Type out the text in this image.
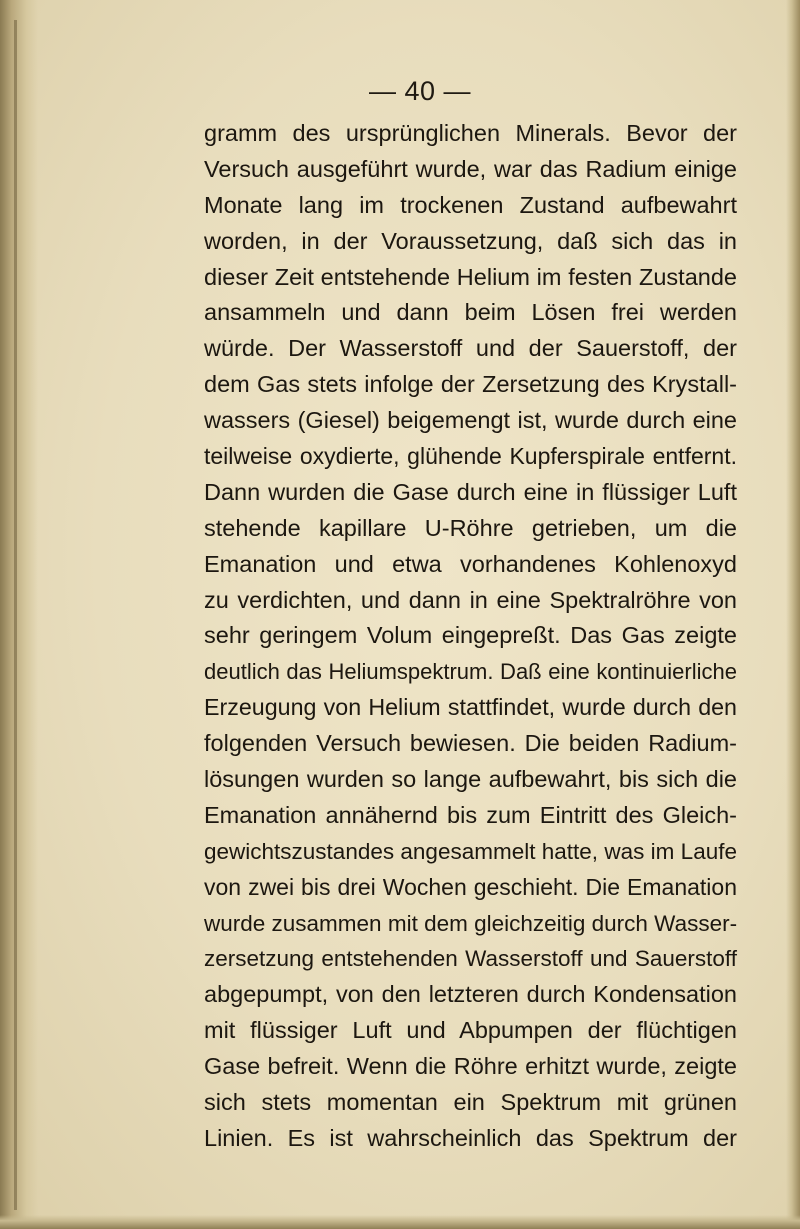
— 40 —
gramm des ursprünglichen Minerals. Bevor der
Versuch ausgeführt wurde, war das Radium einige
Monate lang im trockenen Zustand aufbewahrt
worden, in der Voraussetzung, daß sich das in
dieser Zeit entstehende Helium im festen Zustande
ansammeln und dann beim Lösen frei werden
würde. Der Wasserstoff und der Sauerstoff, der
dem Gas stets infolge der Zersetzung des Krystall-
wassers (Giesel) beigemengt ist, wurde durch eine
teilweise oxydierte, glühende Kupferspirale entfernt.
Dann wurden die Gase durch eine in flüssiger Luft
stehende kapillare U-Röhre getrieben, um die
Emanation und etwa vorhandenes Kohlenoxyd
zu verdichten, und dann in eine Spektralröhre von
sehr geringem Volum eingepreßt. Das Gas zeigte
deutlich das Heliumspektrum. Daß eine kontinuierliche
Erzeugung von Helium stattfindet, wurde durch den
folgenden Versuch bewiesen. Die beiden Radium-
lösungen wurden so lange aufbewahrt, bis sich die
Emanation annähernd bis zum Eintritt des Gleich-
gewichtszustandes angesammelt hatte, was im Laufe
von zwei bis drei Wochen geschieht. Die Emanation
wurde zusammen mit dem gleichzeitig durch Wasser-
zersetzung entstehenden Wasserstoff und Sauerstoff
abgepumpt, von den letzteren durch Kondensation
mit flüssiger Luft und Abpumpen der flüchtigen
Gase befreit. Wenn die Röhre erhitzt wurde, zeigte
sich stets momentan ein Spektrum mit grünen
Linien. Es ist wahrscheinlich das Spektrum der
